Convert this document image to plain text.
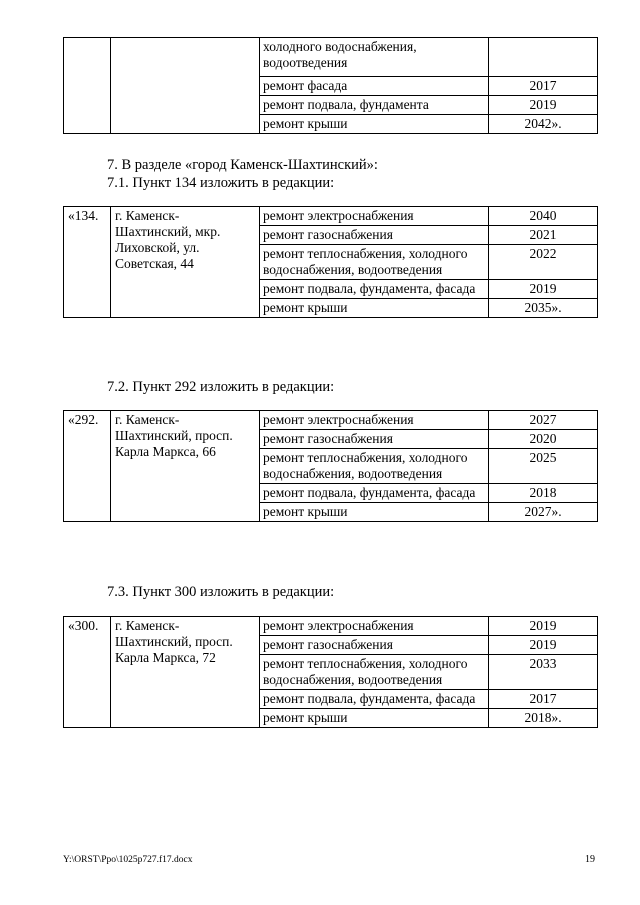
		холодного водоснабжения, водоотведения	
		ремонт фасада	2017
		ремонт подвала, фундамента	2019
		ремонт крыши	2042».

7. В разделе «город Каменск-Шахтинский»:

7.1. Пункт 134 изложить в редакции:

«134.	г. Каменск-Шахтинский, мкр. Лиховской, ул. Советская, 44	ремонт электроснабжения	2040
		ремонт газоснабжения	2021
		ремонт теплоснабжения, холодного водоснабжения, водоотведения	2022
		ремонт подвала, фундамента, фасада	2019
		ремонт крыши	2035».

7.2. Пункт 292 изложить в редакции:

«292.	г. Каменск-Шахтинский, просп. Карла Маркса, 66	ремонт электроснабжения	2027
		ремонт газоснабжения	2020
		ремонт теплоснабжения, холодного водоснабжения, водоотведения	2025
		ремонт подвала, фундамента, фасада	2018
		ремонт крыши	2027».

7.3. Пункт 300 изложить в редакции:

«300.	г. Каменск-Шахтинский, просп. Карла Маркса, 72	ремонт электроснабжения	2019
		ремонт газоснабжения	2019
		ремонт теплоснабжения, холодного водоснабжения, водоотведения	2033
		ремонт подвала, фундамента, фасада	2017
		ремонт крыши	2018».
Y:\ORST\Ppo\1025p727.f17.docx	19
